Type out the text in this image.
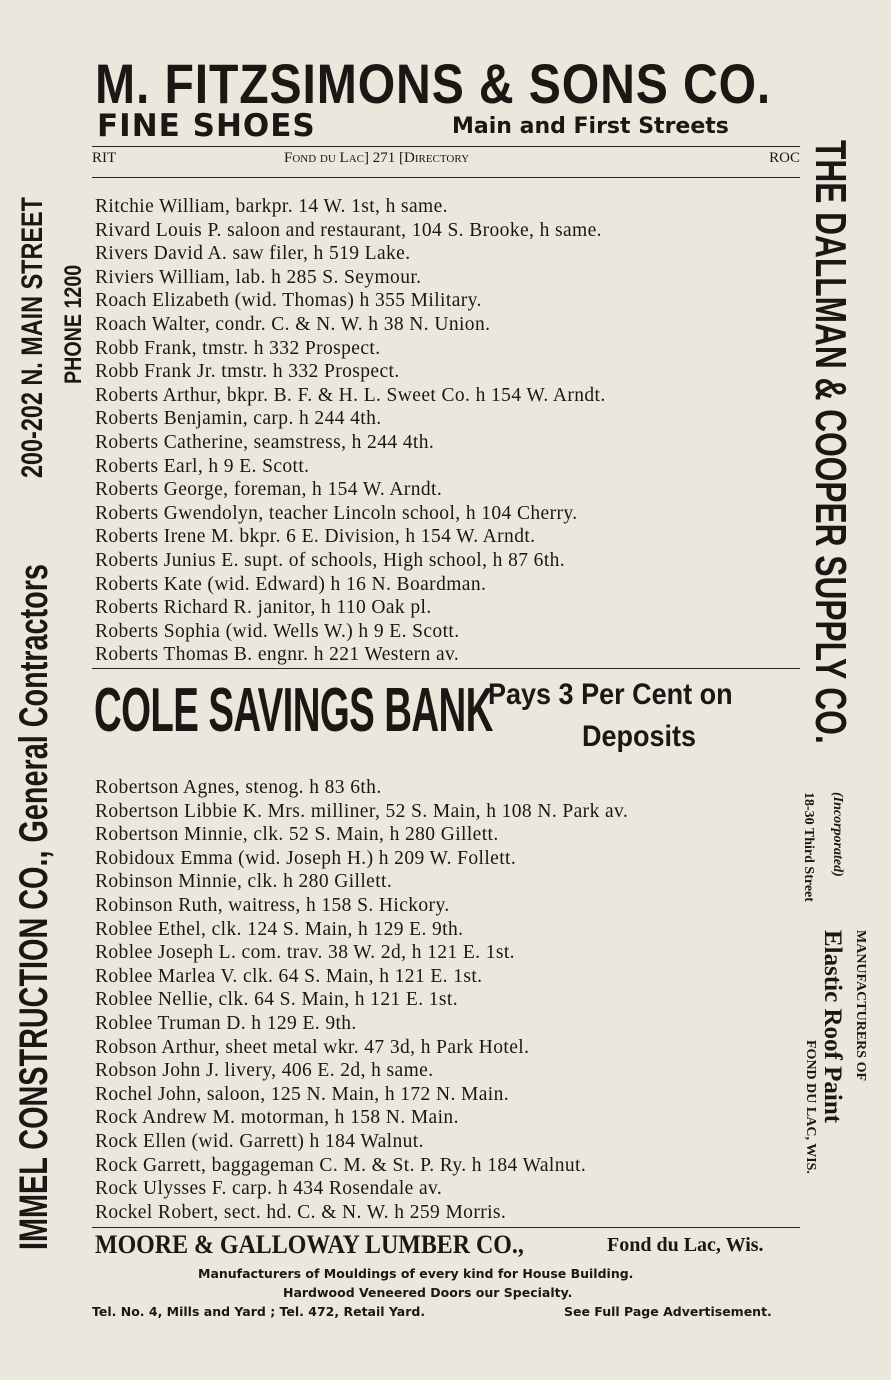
M. FITZSIMONS & SONS CO.
FINE SHOES	Main and First Streets
RIT	Fond du Lac] 271 [Directory	ROC
Ritchie William, barkpr. 14 W. 1st, h same.
Rivard Louis P. saloon and restaurant, 104 S. Brooke, h same.
Rivers David A. saw filer, h 519 Lake.
Riviers William, lab. h 285 S. Seymour.
Roach Elizabeth (wid. Thomas) h 355 Military.
Roach Walter, condr. C. & N. W. h 38 N. Union.
Robb Frank, tmstr. h 332 Prospect.
Robb Frank Jr. tmstr. h 332 Prospect.
Roberts Arthur, bkpr. B. F. & H. L. Sweet Co. h 154 W. Arndt.
Roberts Benjamin, carp. h 244 4th.
Roberts Catherine, seamstress, h 244 4th.
Roberts Earl, h 9 E. Scott.
Roberts George, foreman, h 154 W. Arndt.
Roberts Gwendolyn, teacher Lincoln school, h 104 Cherry.
Roberts Irene M. bkpr. 6 E. Division, h 154 W. Arndt.
Roberts Junius E. supt. of schools, High school, h 87 6th.
Roberts Kate (wid. Edward) h 16 N. Boardman.
Roberts Richard R. janitor, h 110 Oak pl.
Roberts Sophia (wid. Wells W.) h 9 E. Scott.
Roberts Thomas B. engnr. h 221 Western av.
COLE SAVINGS BANK
Pays 3 Per Cent on
Deposits
Robertson Agnes, stenog. h 83 6th.
Robertson Libbie K. Mrs. milliner, 52 S. Main, h 108 N. Park av.
Robertson Minnie, clk. 52 S. Main, h 280 Gillett.
Robidoux Emma (wid. Joseph H.) h 209 W. Follett.
Robinson Minnie, clk. h 280 Gillett.
Robinson Ruth, waitress, h 158 S. Hickory.
Roblee Ethel, clk. 124 S. Main, h 129 E. 9th.
Roblee Joseph L. com. trav. 38 W. 2d, h 121 E. 1st.
Roblee Marlea V. clk. 64 S. Main, h 121 E. 1st.
Roblee Nellie, clk. 64 S. Main, h 121 E. 1st.
Roblee Truman D. h 129 E. 9th.
Robson Arthur, sheet metal wkr. 47 3d, h Park Hotel.
Robson John J. livery, 406 E. 2d, h same.
Rochel John, saloon, 125 N. Main, h 172 N. Main.
Rock Andrew M. motorman, h 158 N. Main.
Rock Ellen (wid. Garrett) h 184 Walnut.
Rock Garrett, baggageman C. M. & St. P. Ry. h 184 Walnut.
Rock Ulysses F. carp. h 434 Rosendale av.
Rockel Robert, sect. hd. C. & N. W. h 259 Morris.
MOORE & GALLOWAY LUMBER CO.,	Fond du Lac, Wis.
Manufacturers of Mouldings of every kind for House Building.
Hardwood Veneered Doors our Specialty.
Tel. No. 4, Mills and Yard ; Tel. 472, Retail Yard.	See Full Page Advertisement.
IMMEL CONSTRUCTION CO., General Contractors
200-202 N. MAIN STREET PHONE 1200	THE DALLMAN & COOPER SUPPLY CO.
(Incorporated)
18-30 Third Street
MANUFACTURERS OF
Elastic Roof Paint
FOND DU LAC, WIS.
